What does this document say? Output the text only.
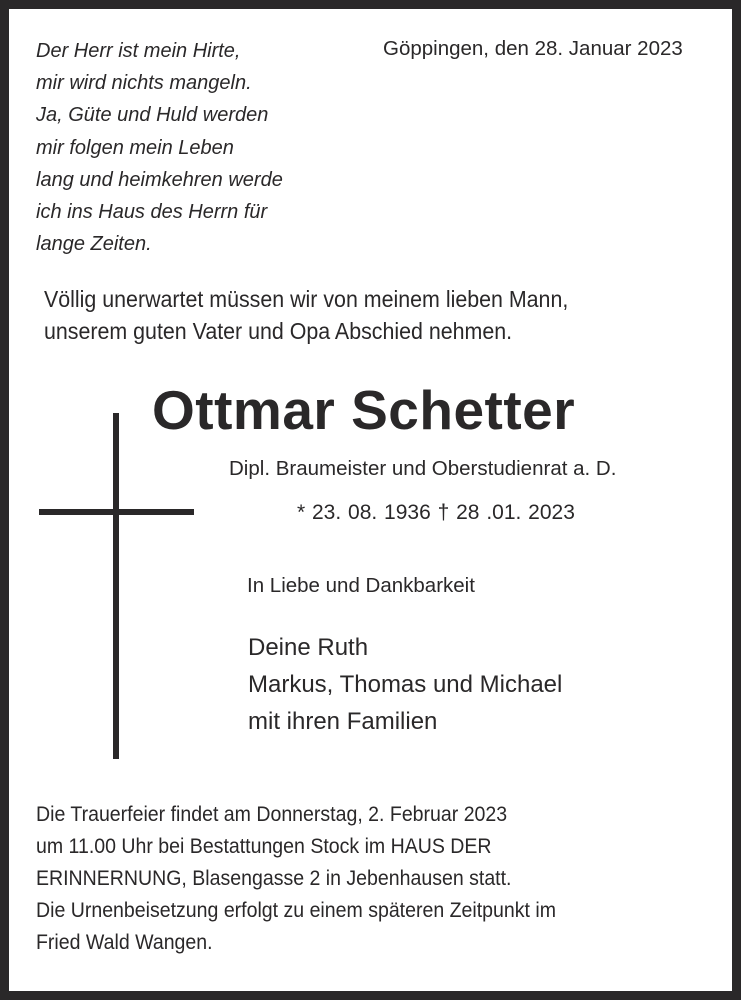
Der Herr ist mein Hirte,
mir wird nichts mangeln.
Ja, Güte und Huld werden
mir folgen mein Leben
lang und heimkehren werde
ich ins Haus des Herrn für
lange Zeiten.
Göppingen, den 28. Januar 2023
Völlig unerwartet müssen wir von meinem lieben Mann,
unserem guten Vater und Opa Abschied nehmen.
Ottmar Schetter
Dipl. Braumeister und Oberstudienrat a. D.
* 23. 08. 1936 † 28 .01. 2023
In Liebe und Dankbarkeit
Deine Ruth
Markus, Thomas und Michael
mit ihren Familien
Die Trauerfeier findet am Donnerstag, 2. Februar 2023
um 11.00 Uhr bei Bestattungen Stock im HAUS DER
ERINNERNUNG, Blasengasse 2 in Jebenhausen statt.
Die Urnenbeisetzung erfolgt zu einem späteren Zeitpunkt im
Fried Wald Wangen.
